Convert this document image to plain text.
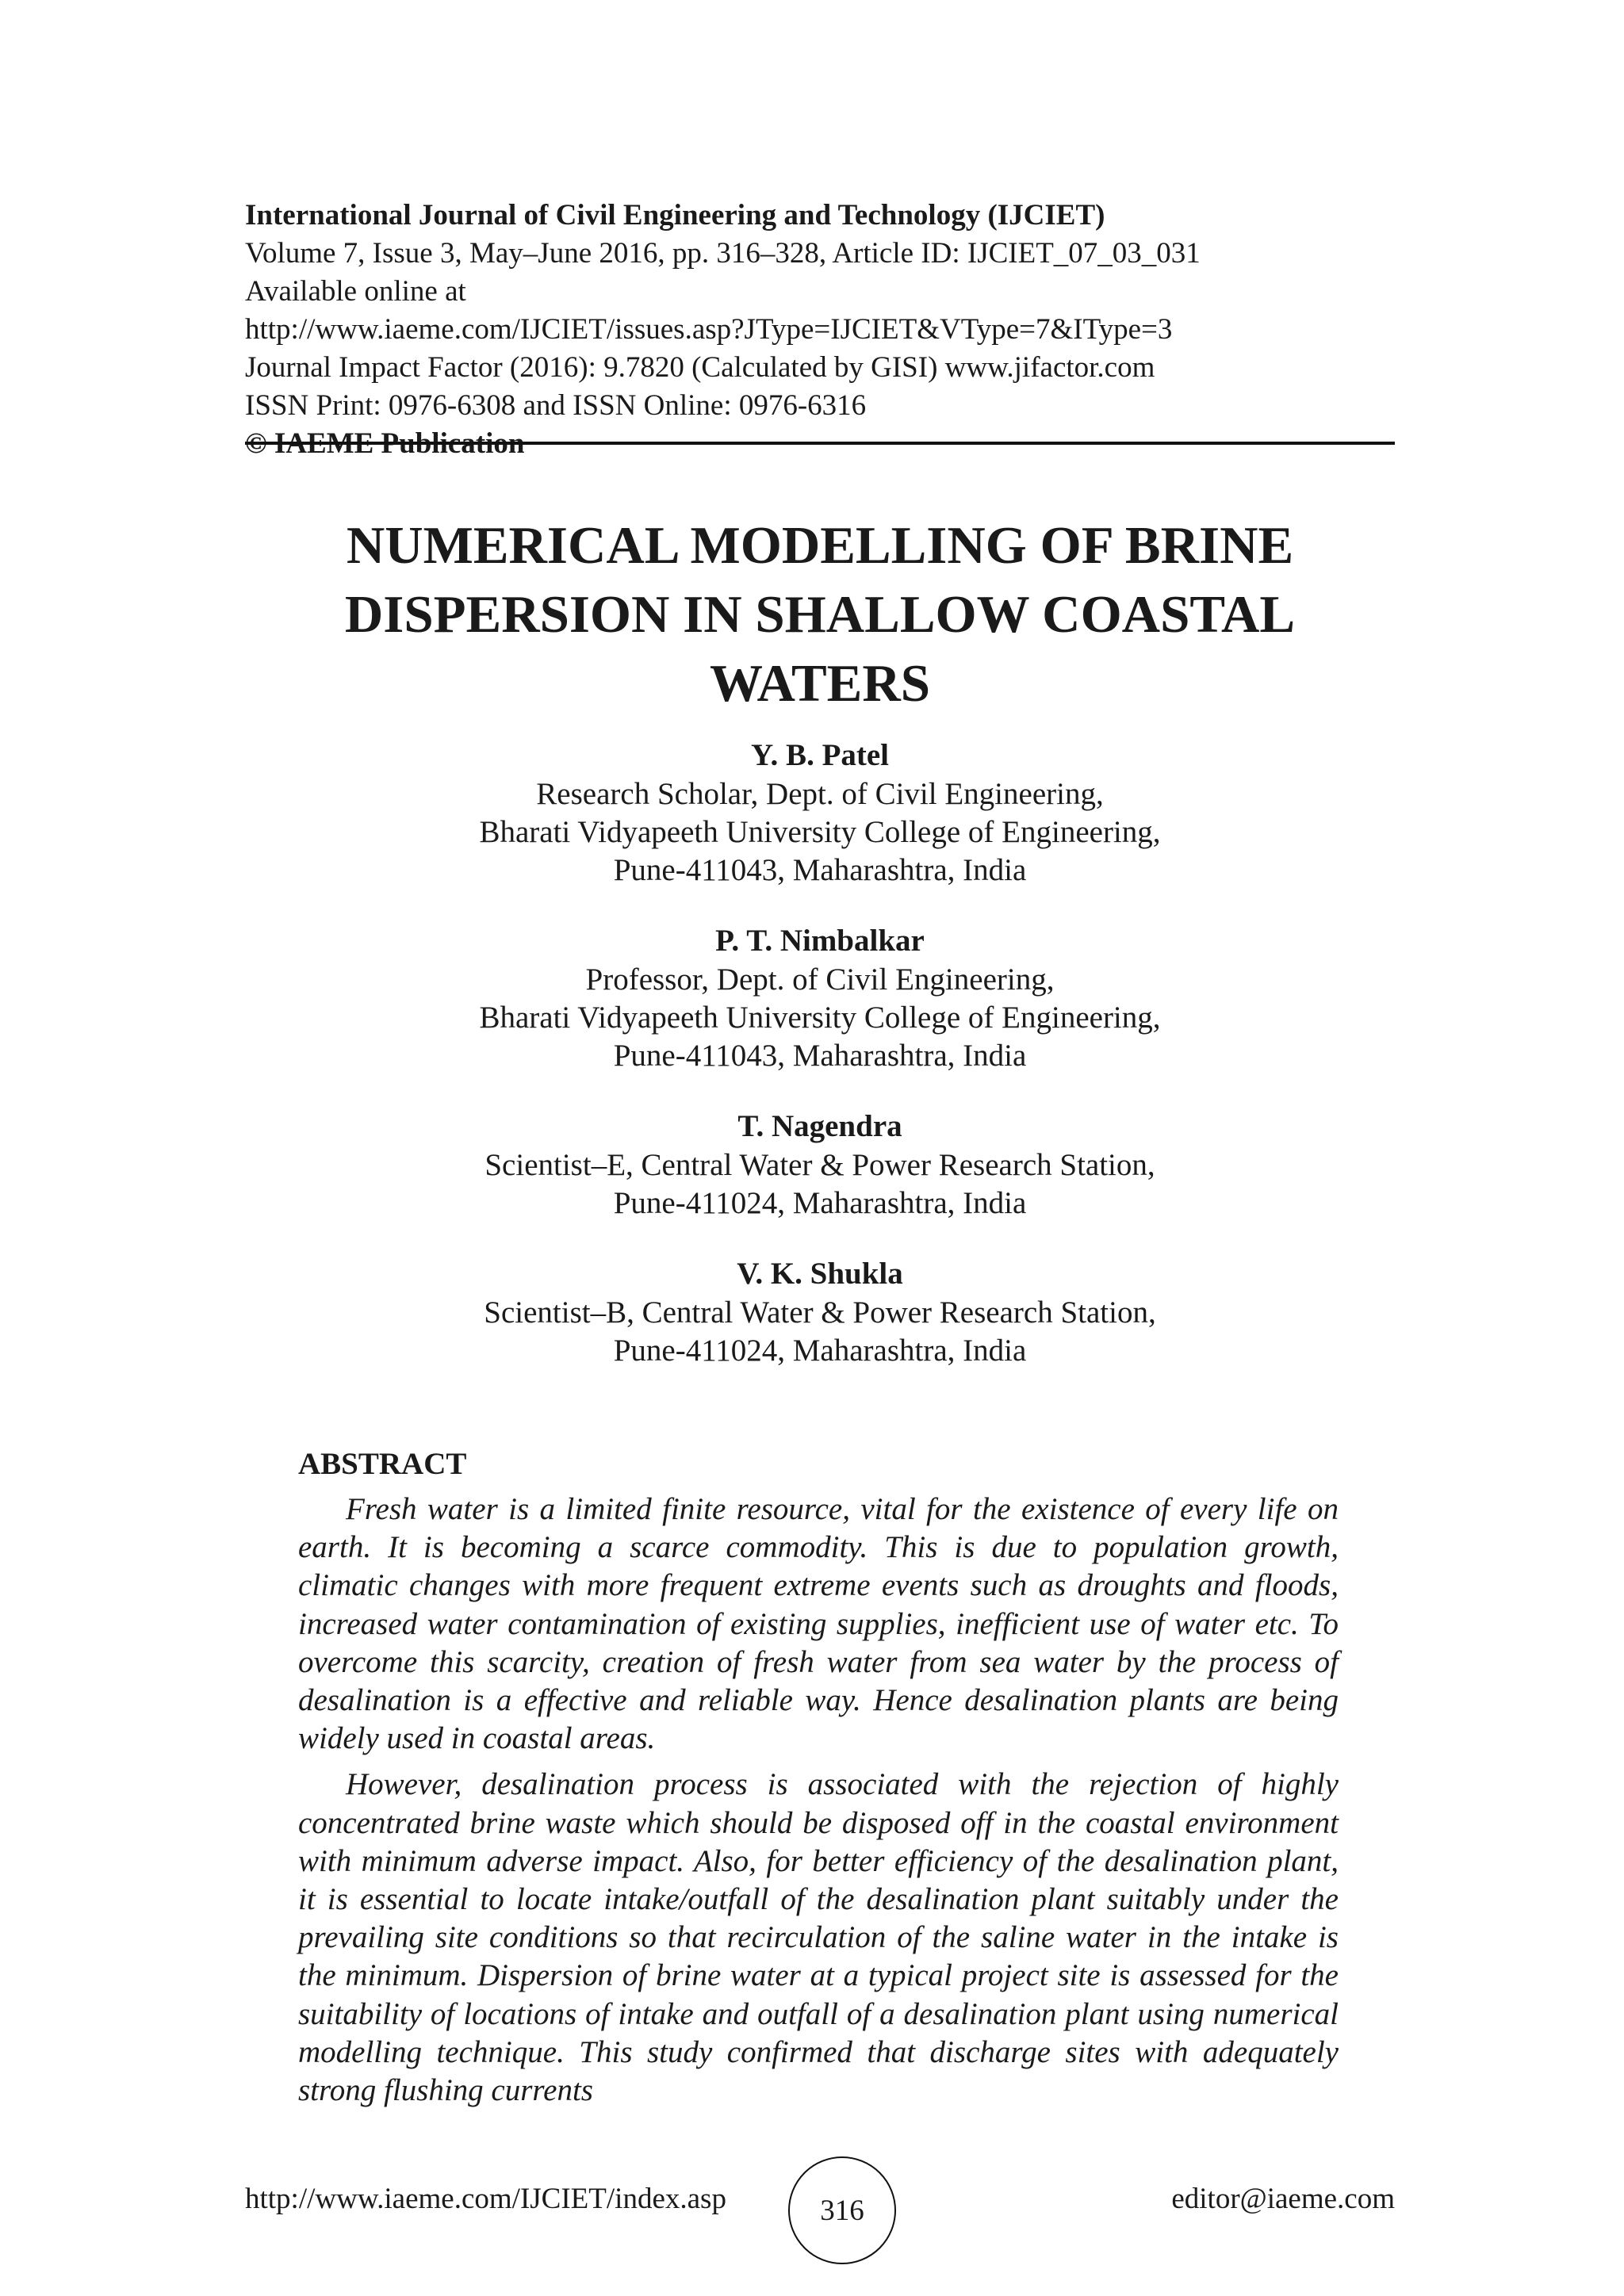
International Journal of Civil Engineering and Technology (IJCIET)
Volume 7, Issue 3, May–June 2016, pp. 316–328, Article ID: IJCIET_07_03_031
Available online at
http://www.iaeme.com/IJCIET/issues.asp?JType=IJCIET&VType=7&IType=3
Journal Impact Factor (2016): 9.7820 (Calculated by GISI) www.jifactor.com
ISSN Print: 0976-6308 and ISSN Online: 0976-6316
© IAEME Publication
NUMERICAL MODELLING OF BRINE
DISPERSION IN SHALLOW COASTAL
WATERS
Y. B. Patel
Research Scholar, Dept. of Civil Engineering,
Bharati Vidyapeeth University College of Engineering,
Pune-411043, Maharashtra, India
P. T. Nimbalkar
Professor, Dept. of Civil Engineering,
Bharati Vidyapeeth University College of Engineering,
Pune-411043, Maharashtra, India
T. Nagendra
Scientist–E, Central Water & Power Research Station,
Pune-411024, Maharashtra, India
V. K. Shukla
Scientist–B, Central Water & Power Research Station,
Pune-411024, Maharashtra, India
ABSTRACT

Fresh water is a limited finite resource, vital for the existence of every life on earth. It is becoming a scarce commodity. This is due to population growth, climatic changes with more frequent extreme events such as droughts and floods, increased water contamination of existing supplies, inefficient use of water etc. To overcome this scarcity, creation of fresh water from sea water by the process of desalination is a effective and reliable way. Hence desalination plants are being widely used in coastal areas.

However, desalination process is associated with the rejection of highly concentrated brine waste which should be disposed off in the coastal environment with minimum adverse impact. Also, for better efficiency of the desalination plant, it is essential to locate intake/outfall of the desalination plant suitably under the prevailing site conditions so that recirculation of the saline water in the intake is the minimum. Dispersion of brine water at a typical project site is assessed for the suitability of locations of intake and outfall of a desalination plant using numerical modelling technique. This study confirmed that discharge sites with adequately strong flushing currents

http://www.iaeme.com/IJCIET/index.asp	316	editor@iaeme.com
